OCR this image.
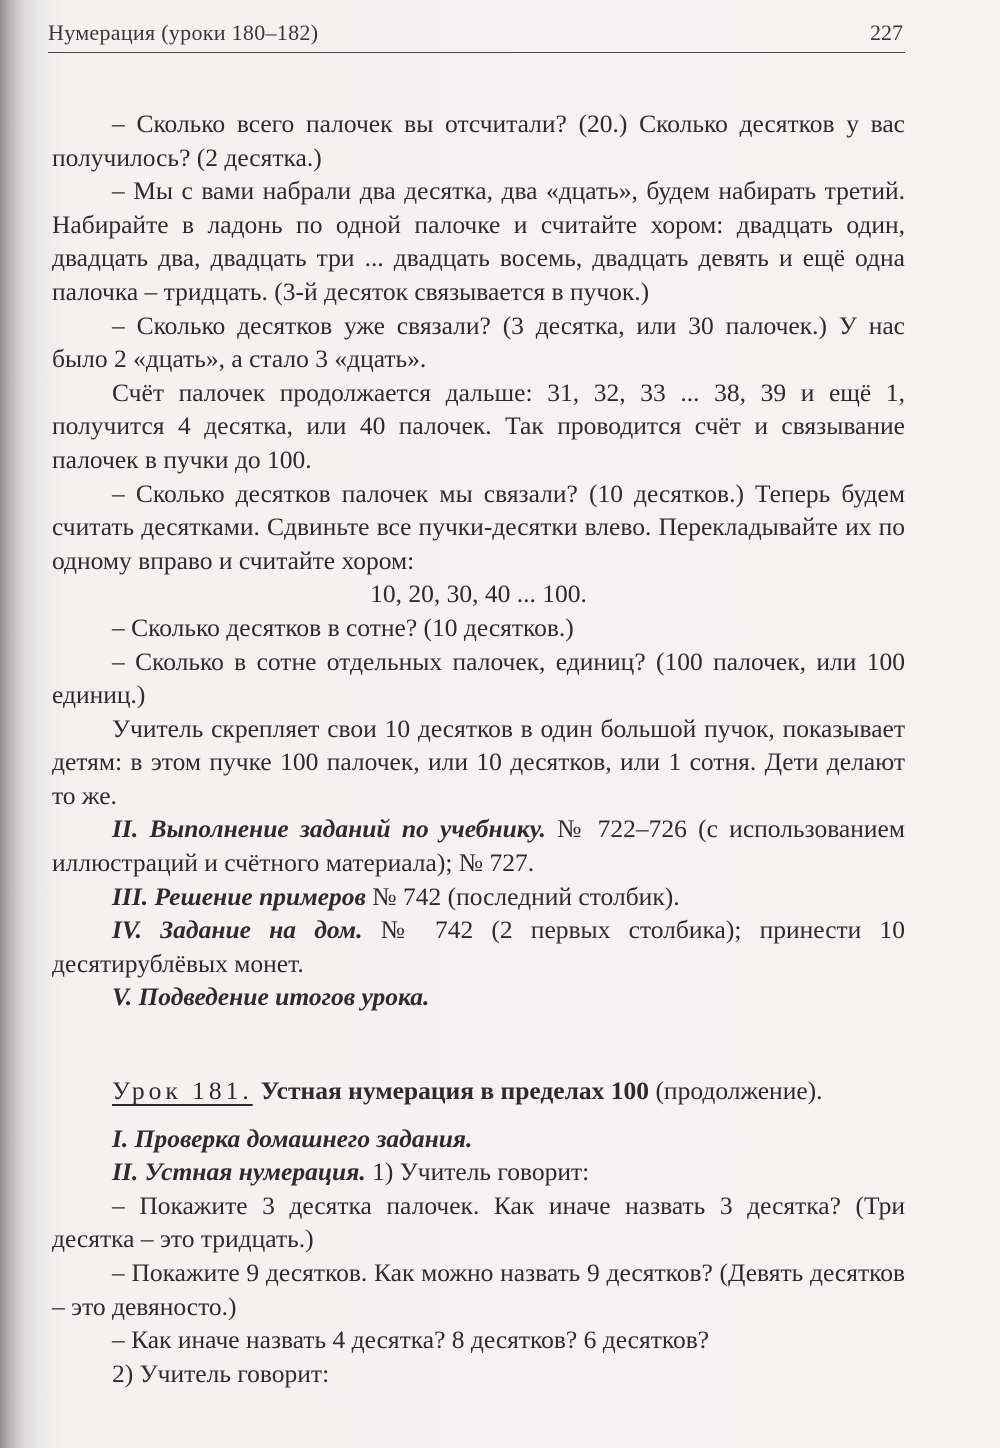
Нумерация (уроки 180–182)	227

– Сколько всего палочек вы отсчитали? (20.) Сколько десятков у вас получилось? (2 десятка.)

– Мы с вами набрали два десятка, два «дцать», будем набирать третий. Набирайте в ладонь по одной палочке и считайте хором: двадцать один, двадцать два, двадцать три ... двадцать восемь, двадцать девять и ещё одна палочка – тридцать. (3-й десяток связывается в пучок.)

– Сколько десятков уже связали? (3 десятка, или 30 палочек.) У нас было 2 «дцать», а стало 3 «дцать».

Счёт палочек продолжается дальше: 31, 32, 33 ... 38, 39 и ещё 1, получится 4 десятка, или 40 палочек. Так проводится счёт и связывание палочек в пучки до 100.

– Сколько десятков палочек мы связали? (10 десятков.) Теперь будем считать десятками. Сдвиньте все пучки-десятки влево. Перекладывайте их по одному вправо и считайте хором:

10, 20, 30, 40 ... 100.

– Сколько десятков в сотне? (10 десятков.)

– Сколько в сотне отдельных палочек, единиц? (100 палочек, или 100 единиц.)

Учитель скрепляет свои 10 десятков в один большой пучок, показывает детям: в этом пучке 100 палочек, или 10 десятков, или 1 сотня. Дети делают то же.

II. Выполнение заданий по учебнику. № 722–726 (с использованием иллюстраций и счётного материала); № 727.

III. Решение примеров № 742 (последний столбик).

IV. Задание на дом. № 742 (2 первых столбика); принести 10 десятирублёвых монет.

V. Подведение итогов урока.

Урок 181. Устная нумерация в пределах 100 (продолжение).

I. Проверка домашнего задания.

II. Устная нумерация. 1) Учитель говорит:

– Покажите 3 десятка палочек. Как иначе назвать 3 десятка? (Три десятка – это тридцать.)

– Покажите 9 десятков. Как можно назвать 9 десятков? (Девять десятков – это девяносто.)

– Как иначе назвать 4 десятка? 8 десятков? 6 десятков?

2) Учитель говорит:
